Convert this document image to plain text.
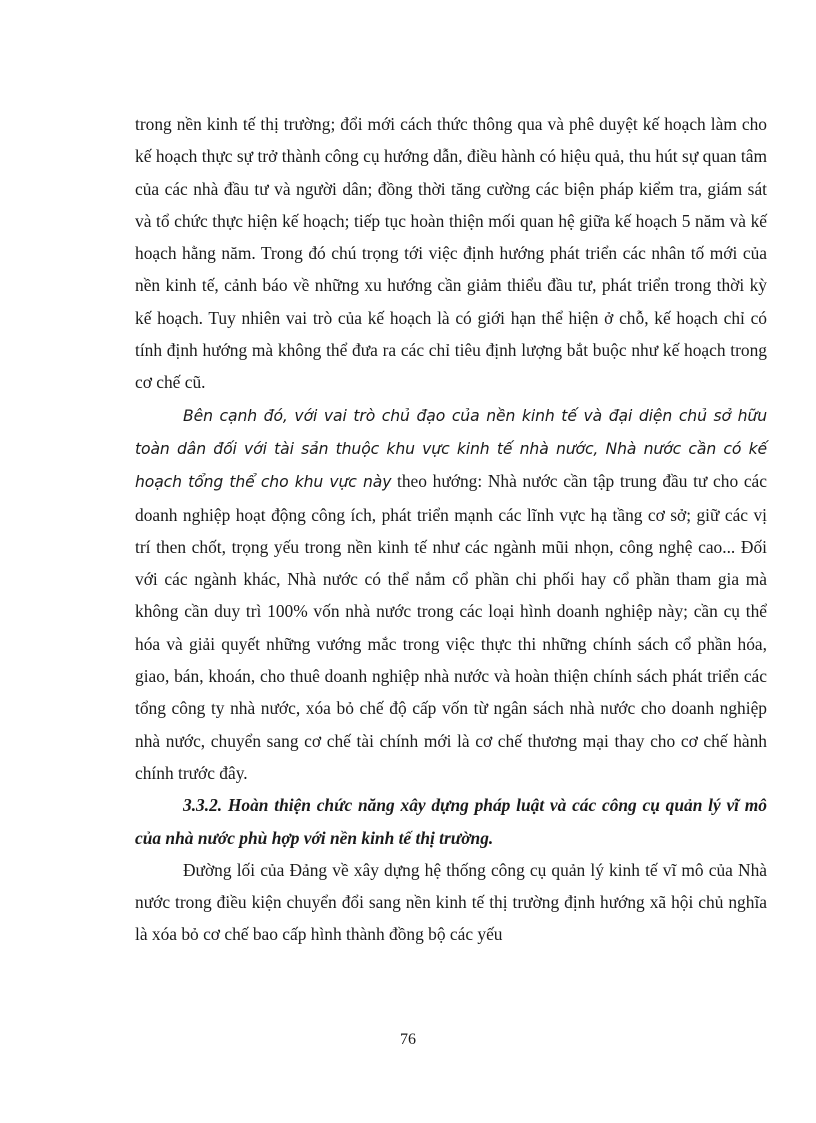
trong nền kinh tế thị trường; đổi mới cách thức thông qua và phê duyệt kế hoạch làm cho kế hoạch thực sự trở thành công cụ hướng dẫn, điều hành có hiệu quả, thu hút sự quan tâm của các nhà đầu tư và người dân; đồng thời tăng cường các biện pháp kiểm tra, giám sát và tổ chức thực hiện kế hoạch; tiếp tục hoàn thiện mối quan hệ giữa kế hoạch 5 năm và kế hoạch hằng năm. Trong đó chú trọng tới việc định hướng phát triển các nhân tố mới của nền kinh tế, cảnh báo về những xu hướng cần giảm thiểu đầu tư, phát triển trong thời kỳ kế hoạch. Tuy nhiên vai trò của kế hoạch là có giới hạn thể hiện ở chỗ, kế hoạch chỉ có tính định hướng mà không thể đưa ra các chỉ tiêu định lượng bắt buộc như kế hoạch trong cơ chế cũ.

Bên cạnh đó, với vai trò chủ đạo của nền kinh tế và đại diện chủ sở hữu toàn dân đối với tài sản thuộc khu vực kinh tế nhà nước, Nhà nước cần có kế hoạch tổng thể cho khu vực này theo hướng: Nhà nước cần tập trung đầu tư cho các doanh nghiệp hoạt động công ích, phát triển mạnh các lĩnh vực hạ tầng cơ sở; giữ các vị trí then chốt, trọng yếu trong nền kinh tế như các ngành mũi nhọn, công nghệ cao... Đối với các ngành khác, Nhà nước có thể nắm cổ phần chi phối hay cổ phần tham gia mà không cần duy trì 100% vốn nhà nước trong các loại hình doanh nghiệp này; cần cụ thể hóa và giải quyết những vướng mắc trong việc thực thi những chính sách cổ phần hóa, giao, bán, khoán, cho thuê doanh nghiệp nhà nước và hoàn thiện chính sách phát triển các tổng công ty nhà nước, xóa bỏ chế độ cấp vốn từ ngân sách nhà nước cho doanh nghiệp nhà nước, chuyển sang cơ chế tài chính mới là cơ chế thương mại thay cho cơ chế hành chính trước đây.

3.3.2. Hoàn thiện chức năng xây dựng pháp luật và các công cụ quản lý vĩ mô của nhà nước phù hợp với nền kinh tế thị trường.

Đường lối của Đảng về xây dựng hệ thống công cụ quản lý kinh tế vĩ mô của Nhà nước trong điều kiện chuyển đổi sang nền kinh tế thị trường định hướng xã hội chủ nghĩa là xóa bỏ cơ chế bao cấp hình thành đồng bộ các yếu

76
